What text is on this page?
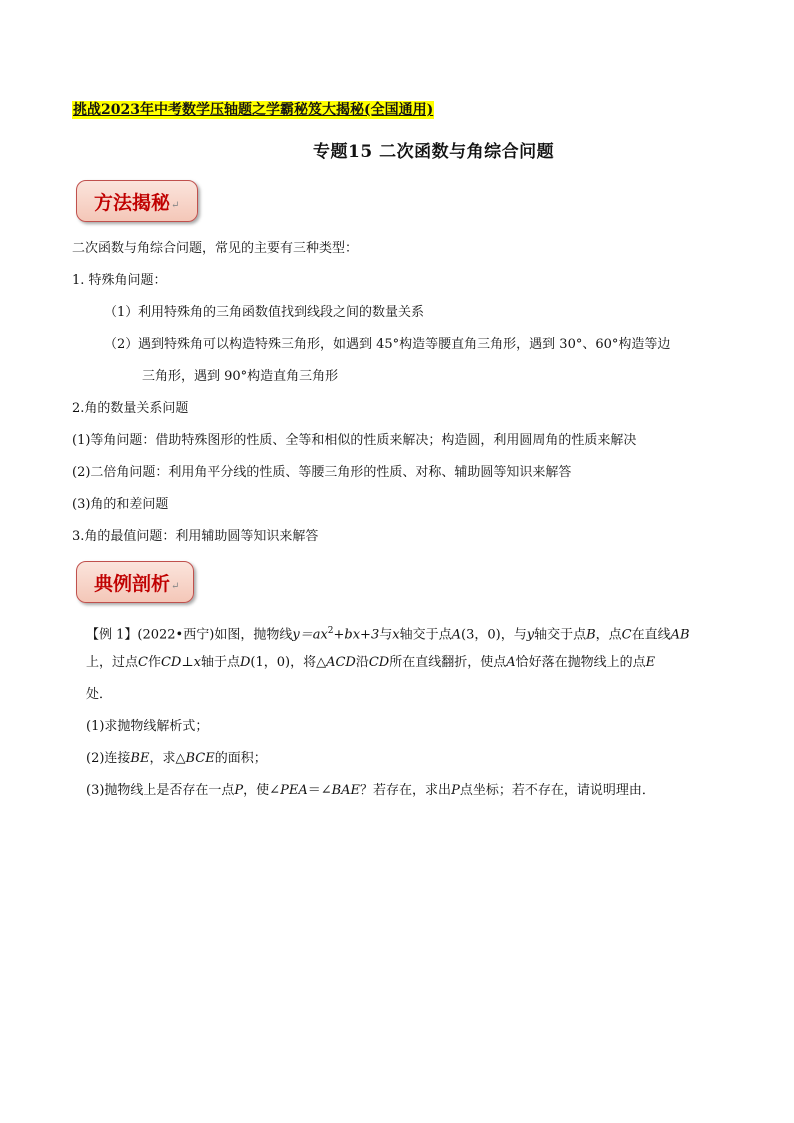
挑战2023年中考数学压轴题之学霸秘笈大揭秘(全国通用)
专题15 二次函数与角综合问题
方法揭秘 ↵
二次函数与角综合问题，常见的主要有三种类型：
1. 特殊角问题：
（1）利用特殊角的三角函数值找到线段之间的数量关系
（2）遇到特殊角可以构造特殊三角形，如遇到 45°构造等腰直角三角形，遇到 30°、60°构造等边
三角形，遇到 90°构造直角三角形
2.角的数量关系问题
(1)等角问题：借助特殊图形的性质、全等和相似的性质来解决；构造圆，利用圆周角的性质来解决
(2)二倍角问题：利用角平分线的性质、等腰三角形的性质、对称、辅助圆等知识来解答
(3)角的和差问题
3.角的最值问题：利用辅助圆等知识来解答
典例剖析 ↵
【例 1】(2022•西宁)如图，抛物线$y=ax^2+bx+3$与x轴交于点A(3，0)，与y轴交于点B，点C在直线AB
上，过点C作CD⊥x轴于点D(1，0)，将△ACD沿CD所在直线翻折，使点A恰好落在抛物线上的点E
处．
(1)求抛物线解析式；
(2)连接BE，求△BCE的面积；
(3)抛物线上是否存在一点P，使∠PEA＝∠BAE？若存在，求出P点坐标；若不存在，请说明理由．
